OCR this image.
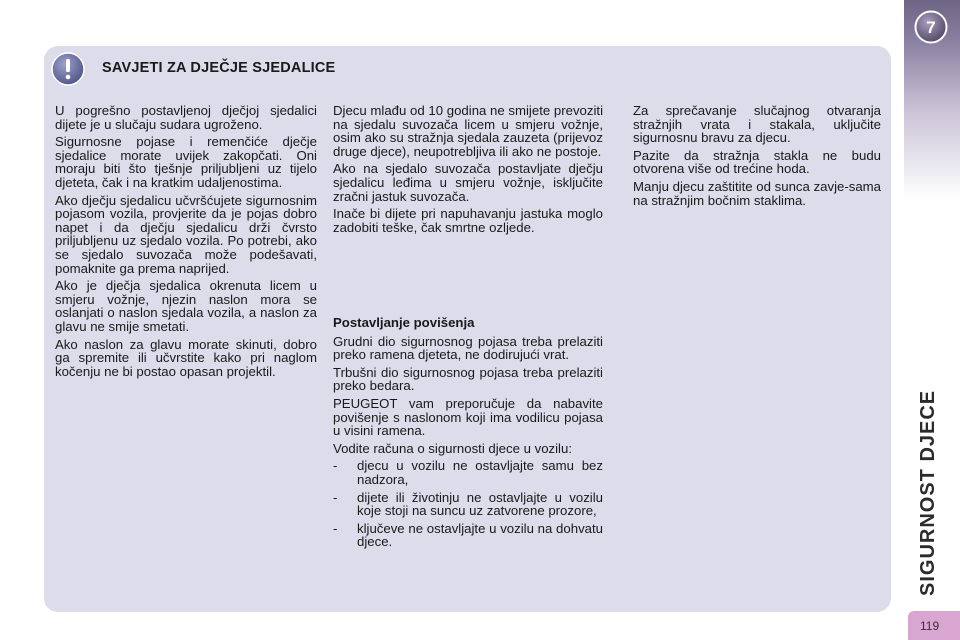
SAVJETI ZA DJEČJE SJEDALICE

U pogrešno postavljenoj dječjoj sjedalici dijete je u slučaju sudara ugroženo.

Sigurnosne pojase i remenčiće dječje sjedalice morate uvijek zakopčati. Oni moraju biti što tješnje priljubljeni uz tijelo djeteta, čak i na kratkim udaljenostima.

Ako dječju sjedalicu učvršćujete sigurnosnim pojasom vozila, provjerite da je pojas dobro napet i da dječju sjedalicu drži čvrsto priljubljenu uz sjedalo vozila. Po potrebi, ako se sjedalo suvozača može podešavati, pomaknite ga prema naprijed.

Ako je dječja sjedalica okrenuta licem u smjeru vožnje, njezin naslon mora se oslanjati o naslon sjedala vozila, a naslon za glavu ne smije smetati.

Ako naslon za glavu morate skinuti, dobro ga spremite ili učvrstite kako pri naglom kočenju ne bi postao opasan projektil.

Djecu mlađu od 10 godina ne smijete prevoziti na sjedalu suvozača licem u smjeru vožnje, osim ako su stražnja sjedala zauzeta (prijevoz druge djece), neupotrebljiva ili ako ne postoje.

Ako na sjedalo suvozača postavljate dječju sjedalicu leđima u smjeru vožnje, isključite zračni jastuk suvozača.

Inače bi dijete pri napuhavanju jastuka moglo zadobiti teške, čak smrtne ozljede.

Postavljanje povišenja

Grudni dio sigurnosnog pojasa treba prelaziti preko ramena djeteta, ne dodirujući vrat.

Trbušni dio sigurnosnog pojasa treba prelaziti preko bedara.

PEUGEOT vam preporučuje da nabavite povišenje s naslonom koji ima vodilicu pojasa u visini ramena.

Vodite računa o sigurnosti djece u vozilu:

-	djecu u vozilu ne ostavljajte samu bez nadzora,
-	dijete ili životinju ne ostavljajte u vozilu koje stoji na suncu uz zatvorene prozore,
-	ključeve ne ostavljajte u vozilu na dohvatu djece.

Za sprečavanje slučajnog otvaranja stražnjih vrata i stakala, uključite sigurnosnu bravu za djecu.

Pazite da stražnja stakla ne budu otvorena više od trećine hoda.

Manju djecu zaštitite od sunca zavje-sama na stražnjim bočnim staklima.

7
SIGURNOST DJECE
119
